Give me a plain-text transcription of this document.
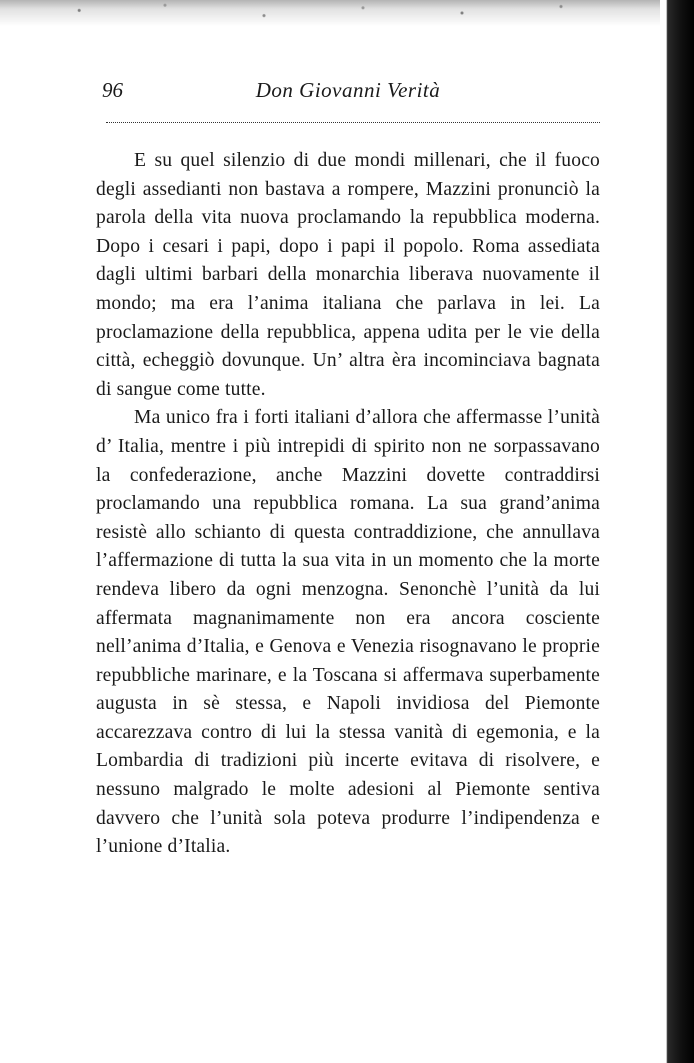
96	Don Giovanni Verità

E su quel silenzio di due mondi millenari, che il fuoco degli assedianti non bastava a rompere, Mazzini pronunciò la parola della vita nuova proclamando la repubblica moderna. Dopo i cesari i papi, dopo i papi il popolo. Roma assediata dagli ultimi barbari della monarchia liberava nuovamente il mondo; ma era l’anima italiana che parlava in lei. La proclamazione della repubblica, appena udita per le vie della città, echeggiò dovunque. Un’ altra èra incominciava bagnata di sangue come tutte.

Ma unico fra i forti italiani d’allora che affermasse l’unità d’ Italia, mentre i più intrepidi di spirito non ne sorpassavano la confederazione, anche Mazzini dovette contraddirsi proclamando una repubblica romana. La sua grand’anima resistè allo schianto di questa contraddizione, che annullava l’affermazione di tutta la sua vita in un momento che la morte rendeva libero da ogni menzogna. Senonchè l’unità da lui affermata magnanimamente non era ancora cosciente nell’anima d’Italia, e Genova e Venezia risognavano le proprie repubbliche marinare, e la Toscana si affermava superbamente augusta in sè stessa, e Napoli invidiosa del Piemonte accarezzava contro di lui la stessa vanità di egemonia, e la Lombardia di tradizioni più incerte evitava di risolvere, e nessuno malgrado le molte adesioni al Piemonte sentiva davvero che l’unità sola poteva produrre l’indipendenza e l’unione d’Italia.
